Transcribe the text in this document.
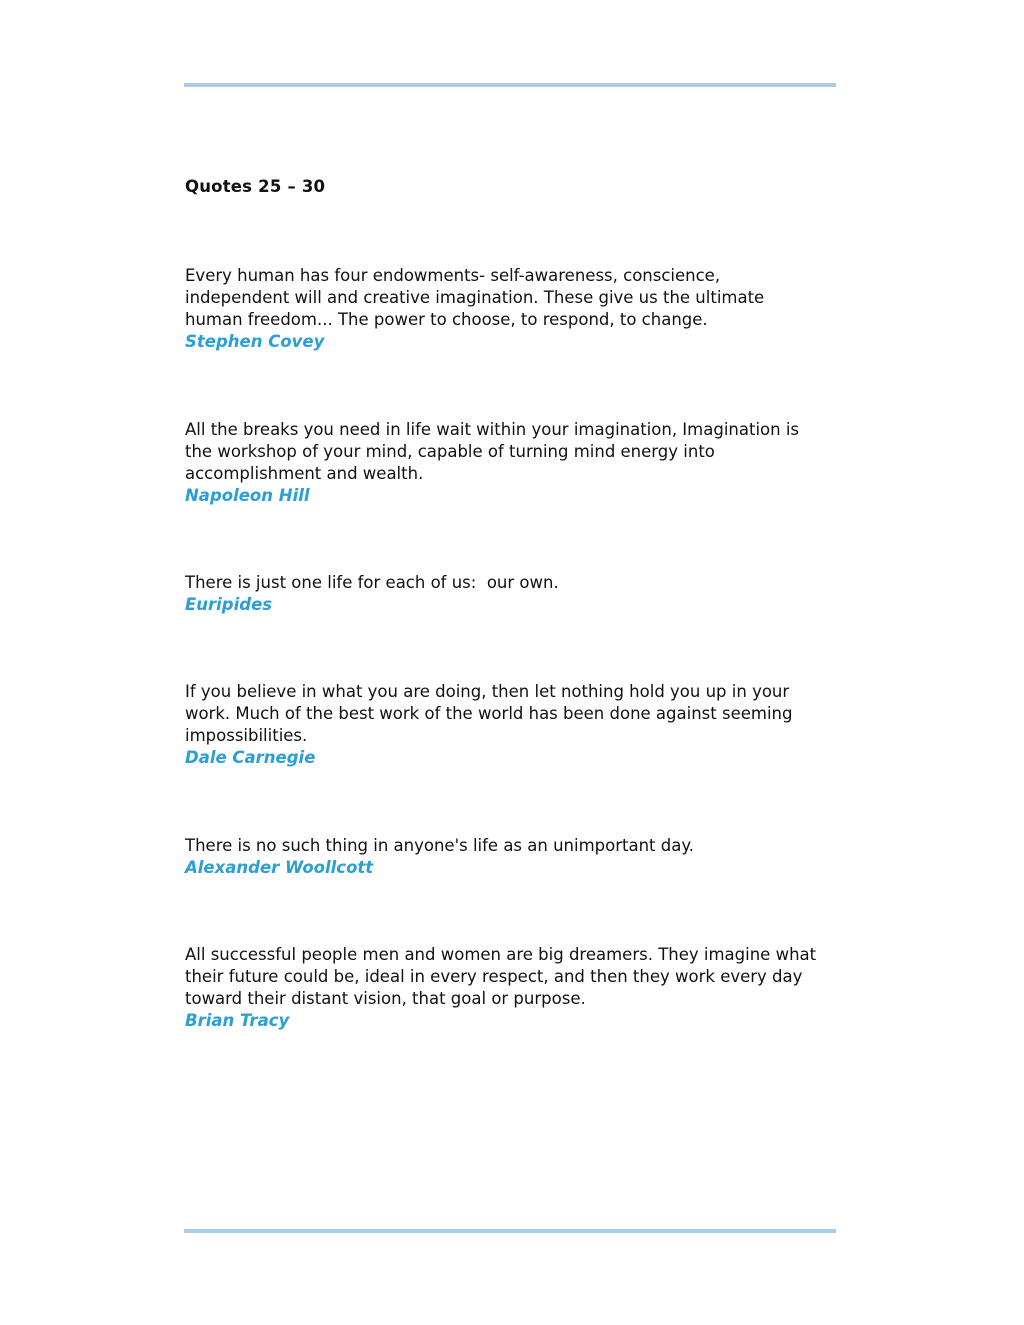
Quotes 25 – 30

Every human has four endowments- self-awareness, conscience,
independent will and creative imagination. These give us the ultimate
human freedom... The power to choose, to respond, to change.

Stephen Covey

All the breaks you need in life wait within your imagination, Imagination is
the workshop of your mind, capable of turning mind energy into
accomplishment and wealth.

Napoleon Hill

There is just one life for each of us:  our own.

Euripides

If you believe in what you are doing, then let nothing hold you up in your
work. Much of the best work of the world has been done against seeming
impossibilities.

Dale Carnegie

There is no such thing in anyone's life as an unimportant day.

Alexander Woollcott

All successful people men and women are big dreamers. They imagine what
their future could be, ideal in every respect, and then they work every day
toward their distant vision, that goal or purpose.

Brian Tracy
